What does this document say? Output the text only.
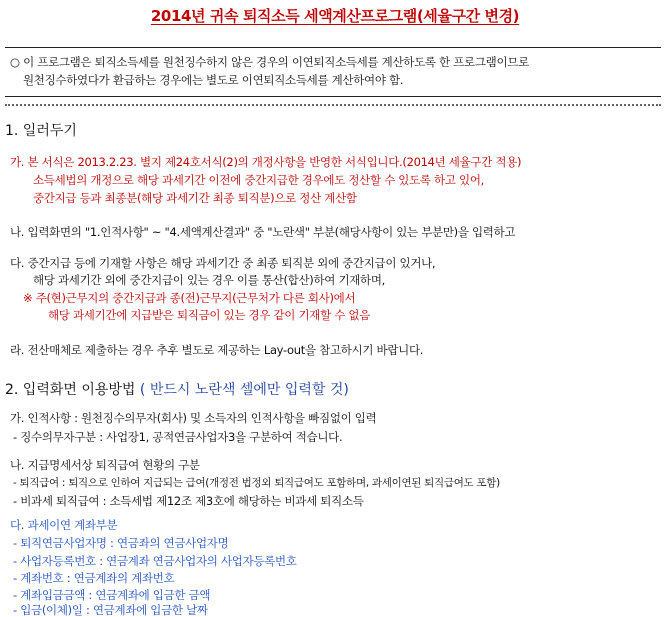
2014년 귀속 퇴직소득 세액계산프로그램(세율구간 변경)
○ 이 프로그램은 퇴직소득세를 원천징수하지 않은 경우의 이연퇴직소득세를 계산하도록 한 프로그램이므로
원천징수하였다가 환급하는 경우에는 별도로 이연퇴직소득세를 계산하여야 함.
1. 일러두기
가. 본 서식은 2013.2.23. 별지 제24호서식(2)의 개정사항을 반영한 서식입니다.(2014년 세율구간 적용)
소득세법의 개정으로 해당 과세기간 이전에 중간지급한 경우에도 정산할 수 있도록 하고 있어,
중간지급 등과 최종분(해당 과세기간 최종 퇴직분)으로 정산 계산함
나. 입력화면의 "1.인적사항" ~ "4.세액계산결과" 중 "노란색" 부분(해당사항이 있는 부분만)을 입력하고
다. 중간지급 등에 기재할 사항은 해당 과세기간 중 최종 퇴직분 외에 중간지급이 있거나,
해당 과세기간 외에 중간지급이 있는 경우 이를 통산(합산)하여 기재하며,
※ 주(현)근무지의 중간지급과 종(전)근무지(근무처가 다른 회사)에서
해당 과세기간에 지급받은 퇴직금이 있는 경우 같이 기재할 수 없음
라. 전산매체로 제출하는 경우 추후 별도로 제공하는 Lay-out을 참고하시기 바랍니다.
2. 입력화면 이용방법 ( 반드시 노란색 셀에만 입력할 것)
가. 인적사항 : 원천징수의무자(회사) 및 소득자의 인적사항을 빠짐없이 입력
- 징수의무자구분 : 사업장1, 공적연금사업자3을 구분하여 적습니다.
나. 지급명세서상 퇴직급여 현황의 구분
- 퇴직급여 : 퇴직으로 인하여 지급되는 급여(개정전 법정외 퇴직급여도 포함하며, 과세이연된 퇴직급여도 포함)
- 비과세 퇴직급여 : 소득세법 제12조 제3호에 해당하는 비과세 퇴직소득
다. 과세이연 계좌부분
- 퇴직연금사업자명 : 연금좌의 연금사업자명
- 사업자등록번호 : 연금계좌 연금사업자의 사업자등록번호
- 계좌번호 : 연금계좌의 계좌번호
- 계좌입금금액 : 연금계좌에 입금한 금액
- 입금(이체)일 : 연금계좌에 입금한 날짜
